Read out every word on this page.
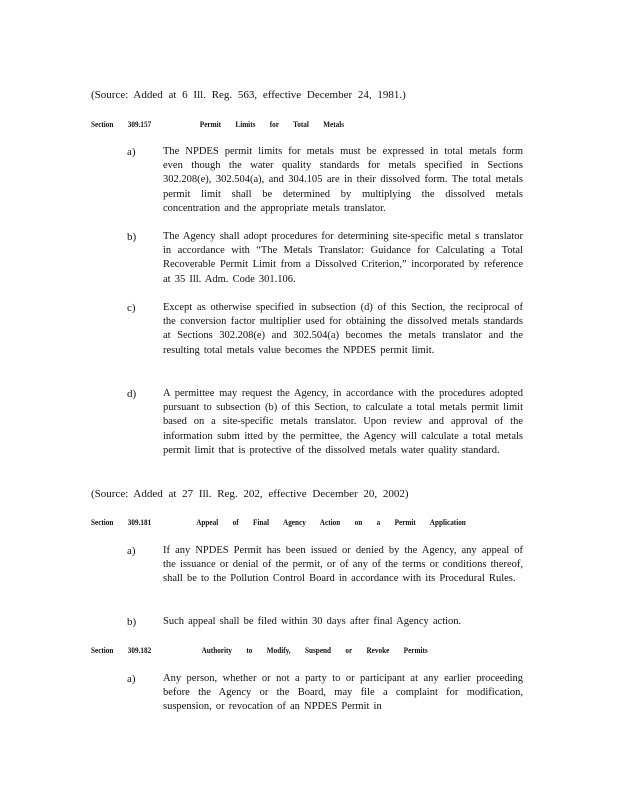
(Source: Added at 6 Ill. Reg. 563, effective December 24, 1981.)
Section 309.157	Permit Limits for Total Metals
a)	The NPDES permit limits for metals must be expressed in total metals form even though the water quality standards for metals specified in Sections 302.208(e), 302.504(a), and 304.105 are in their dissolved form. The total metals permit limit shall be determined by multiplying the dissolved metals concentration and the appropriate metals translator.
b)	The Agency shall adopt procedures for determining site-specific metal s translator in accordance with “The Metals Translator: Guidance for Calculating a Total Recoverable Permit Limit from a Dissolved Criterion,” incorporated by reference at 35 Ill. Adm. Code 301.106.
c)	Except as otherwise specified in subsection (d) of this Section, the reciprocal of the conversion factor multiplier used for obtaining the dissolved metals standards at Sections 302.208(e) and 302.504(a) becomes the metals translator and the resulting total metals value becomes the NPDES permit limit.
d)	A permittee may request the Agency, in accordance with the procedures adopted pursuant to subsection (b) of this Section, to calculate a total metals permit limit based on a site-specific metals translator. Upon review and approval of the information subm itted by the permittee, the Agency will calculate a total metals permit limit that is protective of the dissolved metals water quality standard.
(Source: Added at 27 Ill. Reg. 202, effective December 20, 2002)
Section 309.181	Appeal of Final Agency Action on a Permit Application
a)	If any NPDES Permit has been issued or denied by the Agency, any appeal of the issuance or denial of the permit, or of any of the terms or conditions thereof, shall be to the Pollution Control Board in accordance with its Procedural Rules.
b)	Such appeal shall be filed within 30 days after final Agency action.
Section 309.182	Authority to Modify, Suspend or Revoke Permits
a)	Any person, whether or not a party to or participant at any earlier proceeding before the Agency or the Board, may file a complaint for modification, suspension, or revocation of an NPDES Permit in
